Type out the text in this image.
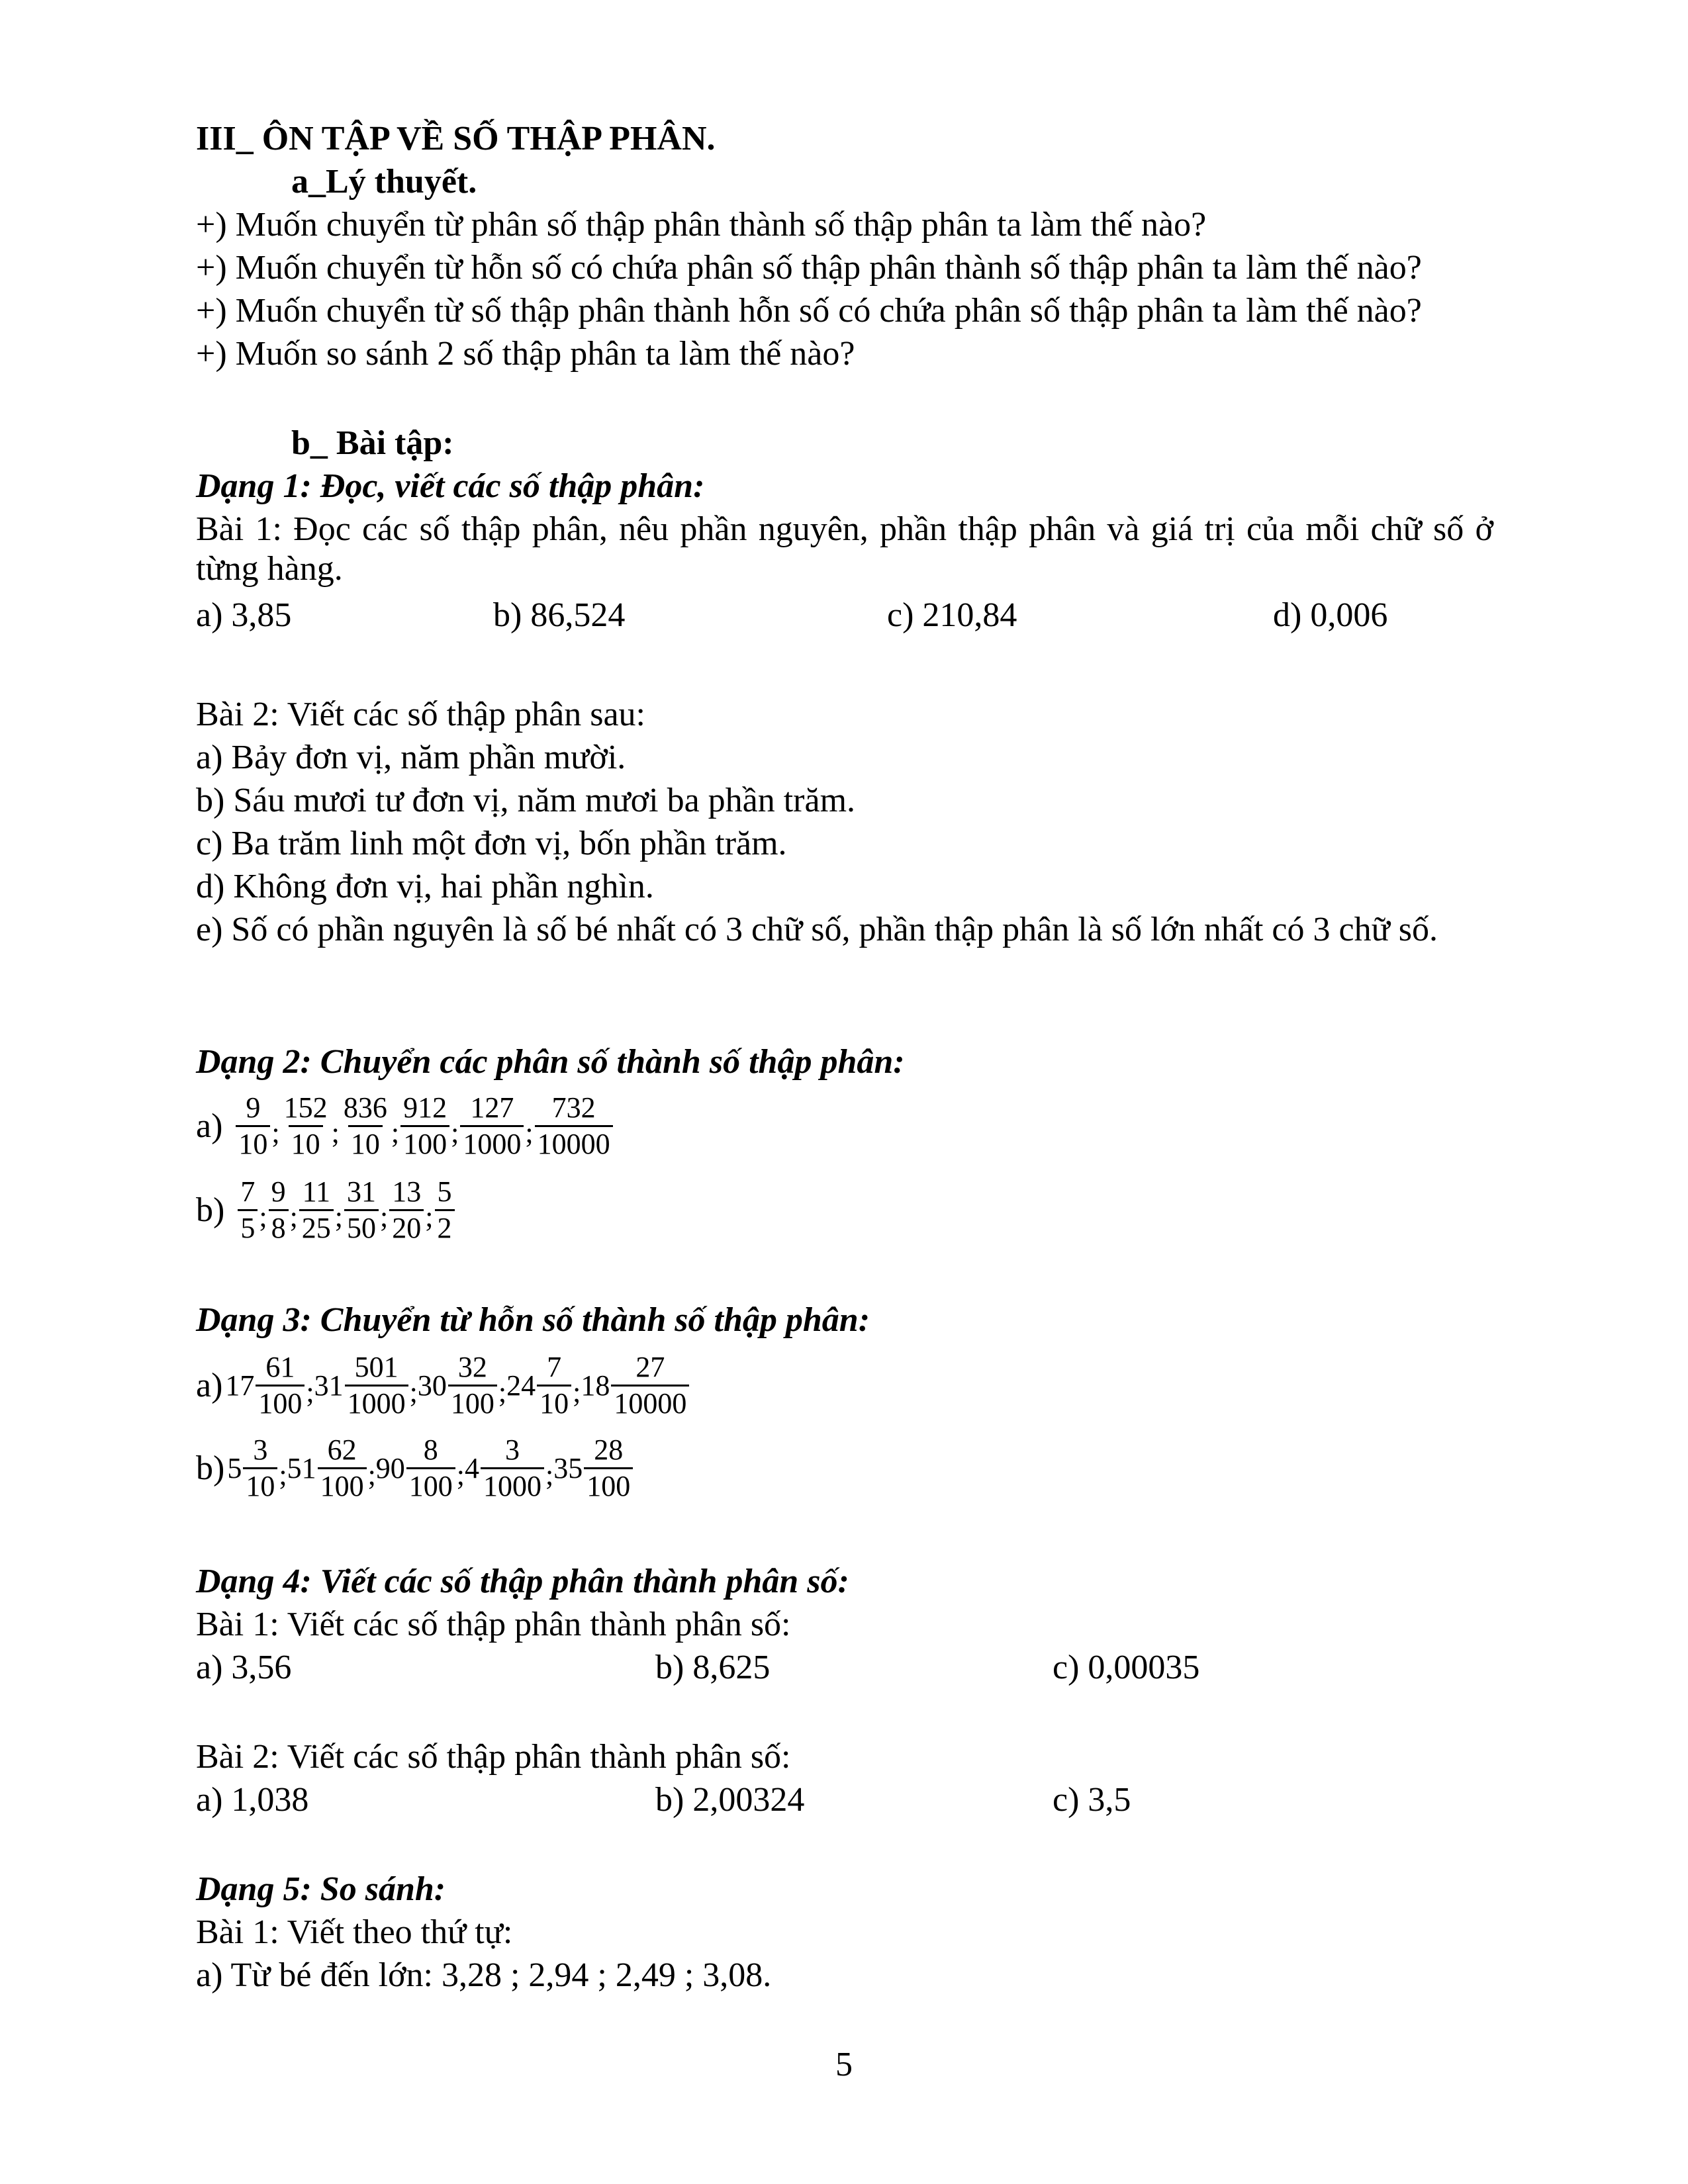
III_ ÔN TẬP VỀ SỐ THẬP PHÂN.
a_Lý thuyết.
+) Muốn chuyển từ phân số thập phân thành số thập phân ta làm thế nào?
+) Muốn chuyển từ hỗn số có chứa phân số thập phân thành số thập phân ta làm thế nào?
+) Muốn chuyển từ số thập phân thành hỗn số có chứa phân số thập phân ta làm thế nào?
+) Muốn so sánh 2 số thập phân ta làm thế nào?
b_ Bài tập:
Dạng 1: Đọc, viết các số thập phân:
Bài 1: Đọc các số thập phân, nêu phần nguyên, phần thập phân và giá trị của mỗi chữ số ở từng hàng.
a) 3,85	b) 86,524	c) 210,84	d) 0,006
Bài 2: Viết các số thập phân sau:
a) Bảy đơn vị, năm phần mười.
b) Sáu mươi tư đơn vị, năm mươi ba phần trăm.
c) Ba trăm linh một đơn vị, bốn phần trăm.
d) Không đơn vị, hai phần nghìn.
e) Số có phần nguyên là số bé nhất có 3 chữ số, phần thập phân là số lớn nhất có 3 chữ số.
Dạng 2: Chuyển các phân số thành số thập phân:
$a) \frac{9}{10}$ ; $\frac{152}{10}$ ; $\frac{836}{10}$ ; $\frac{912}{100}$ ; $\frac{127}{1000}$ ; $\frac{732}{10000}$
$b) \frac{7}{5}$ ; $\frac{9}{8}$ ; $\frac{11}{25}$ ; $\frac{31}{50}$ ; $\frac{13}{20}$ ; $\frac{5}{2}$
Dạng 3: Chuyển từ hỗn số thành số thập phân:
a) $17 \frac{61}{100}$ ; $31 \frac{501}{1000}$ ; $30 \frac{32}{100}$ ; $24 \frac{7}{10}$ ; $18 \frac{27}{10000}$
b) $5 \frac{3}{10}$ ; $51 \frac{62}{100}$ ; $90 \frac{8}{100}$ ; $4 \frac{3}{1000}$ ; $35 \frac{28}{100}$
Dạng 4: Viết các số thập phân thành phân số:
Bài 1: Viết các số thập phân thành phân số:
a) 3,56	b) 8,625	c) 0,00035
Bài 2: Viết các số thập phân thành phân số:
a) 1,038	b) 2,00324	c) 3,5
Dạng 5: So sánh:
Bài 1: Viết theo thứ tự:
a) Từ bé đến lớn: 3,28 ; 2,94 ; 2,49 ; 3,08.
5
